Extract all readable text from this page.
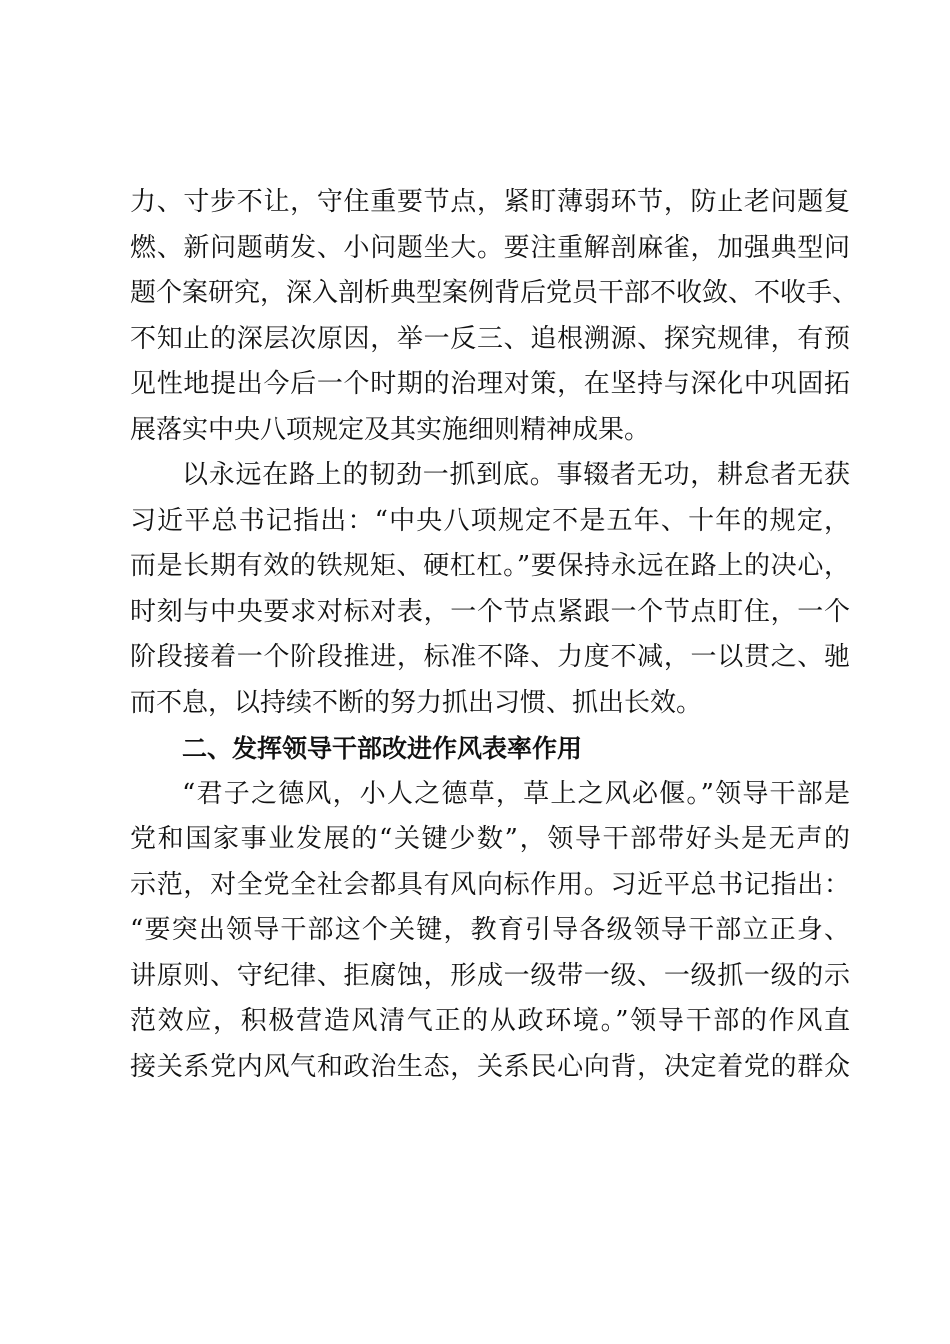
力、寸步不让，守住重要节点，紧盯薄弱环节，防止老问题复
燃、新问题萌发、小问题坐大。要注重解剖麻雀，加强典型问
题个案研究，深入剖析典型案例背后党员干部不收敛、不收手、
不知止的深层次原因，举一反三、追根溯源、探究规律，有预
见性地提出今后一个时期的治理对策，在坚持与深化中巩固拓
展落实中央八项规定及其实施细则精神成果。
以永远在路上的韧劲一抓到底。事辍者无功，耕怠者无获
习近平总书记指出：“中央八项规定不是五年、十年的规定，
而是长期有效的铁规矩、硬杠杠。”要保持永远在路上的决心，
时刻与中央要求对标对表，一个节点紧跟一个节点盯住，一个
阶段接着一个阶段推进，标准不降、力度不减，一以贯之、驰
而不息，以持续不断的努力抓出习惯、抓出长效。
二、发挥领导干部改进作风表率作用
“君子之德风，小人之德草，草上之风必偃。”领导干部是
党和国家事业发展的“关键少数”，领导干部带好头是无声的
示范，对全党全社会都具有风向标作用。习近平总书记指出：
“要突出领导干部这个关键，教育引导各级领导干部立正身、
讲原则、守纪律、拒腐蚀，形成一级带一级、一级抓一级的示
范效应，积极营造风清气正的从政环境。”领导干部的作风直
接关系党内风气和政治生态，关系民心向背，决定着党的群众
